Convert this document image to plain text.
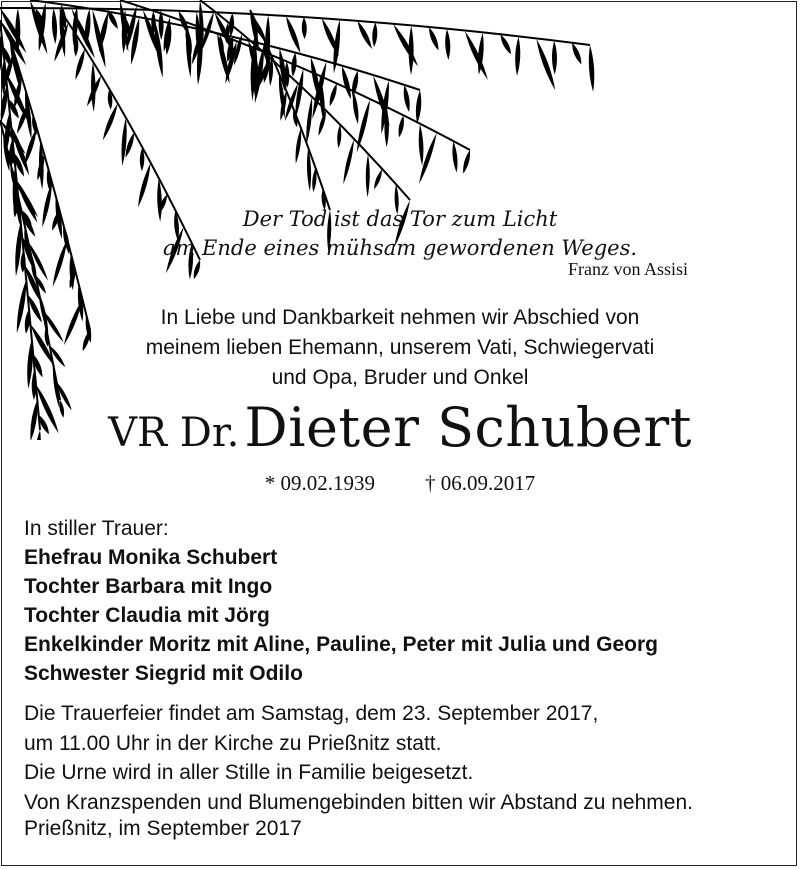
Der Tod ist das Tor zum Licht
am Ende eines mühsam gewordenen Weges.
Franz von Assisi
In Liebe und Dankbarkeit nehmen wir Abschied von
meinem lieben Ehemann, unserem Vati, Schwiegervati
und Opa, Bruder und Onkel
VR Dr. Dieter Schubert
* 09.02.1939 † 06.09.2017
In stiller Trauer:
Ehefrau Monika Schubert
Tochter Barbara mit Ingo
Tochter Claudia mit Jörg
Enkelkinder Moritz mit Aline, Pauline, Peter mit Julia und Georg
Schwester Siegrid mit Odilo
Die Trauerfeier findet am Samstag, dem 23. September 2017,
um 11.00 Uhr in der Kirche zu Prießnitz statt.
Die Urne wird in aller Stille in Familie beigesetzt.
Von Kranzspenden und Blumengebinden bitten wir Abstand zu nehmen.
Prießnitz, im September 2017
